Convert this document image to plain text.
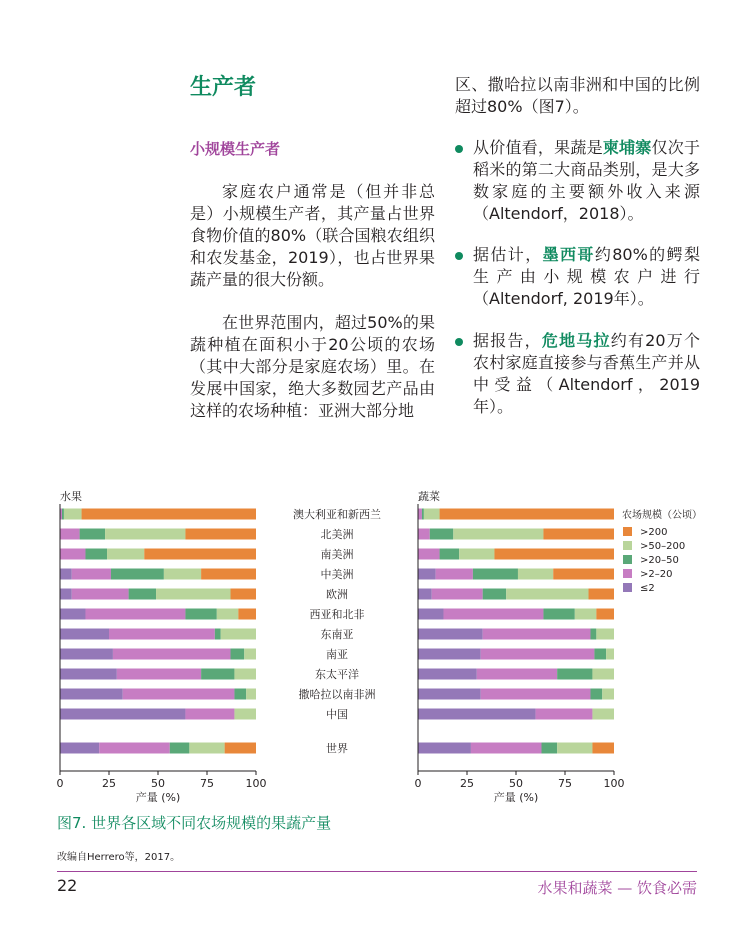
生产者
小规模生产者

家庭农户通常是（但并非总是）小规模生产者，其产量占世界食物价值的80%（联合国粮农组织和农发基金，2019），也占世界果蔬产量的很大份额。

在世界范围内，超过50%的果蔬种植在面积小于20公顷的农场（其中大部分是家庭农场）里。在发展中国家，绝大多数园艺产品由这样的农场种植：亚洲大部分地

区、撒哈拉以南非洲和中国的比例超过80%（图7）。

从价值看，果蔬是柬埔寨仅次于稻米的第二大商品类别，是大多数家庭的主要额外收入来源（Altendorf，2018）。
据估计，墨西哥约80%的鳄梨生产由小规模农户进行（Altendorf, 2019年）。
据报告，危地马拉约有20万个农村家庭直接参与香蕉生产并从中受益（Altendorf，2019年）。
水果
0	25	50	75	100
产量 (%)
蔬菜
0	25	50	75	100
产量 (%)
澳大利亚和新西兰
北美洲
南美洲
中美洲
欧洲
西亚和北非
东南亚
南亚
东太平洋
撒哈拉以南非洲
中国
世界
农场规模（公顷）
>200
>50–200
>20–50
>2–20
≤2
图7. 世界各区域不同农场规模的果蔬产量
改编自Herrero等，2017。
22	水果和蔬菜 — 饮食必需
